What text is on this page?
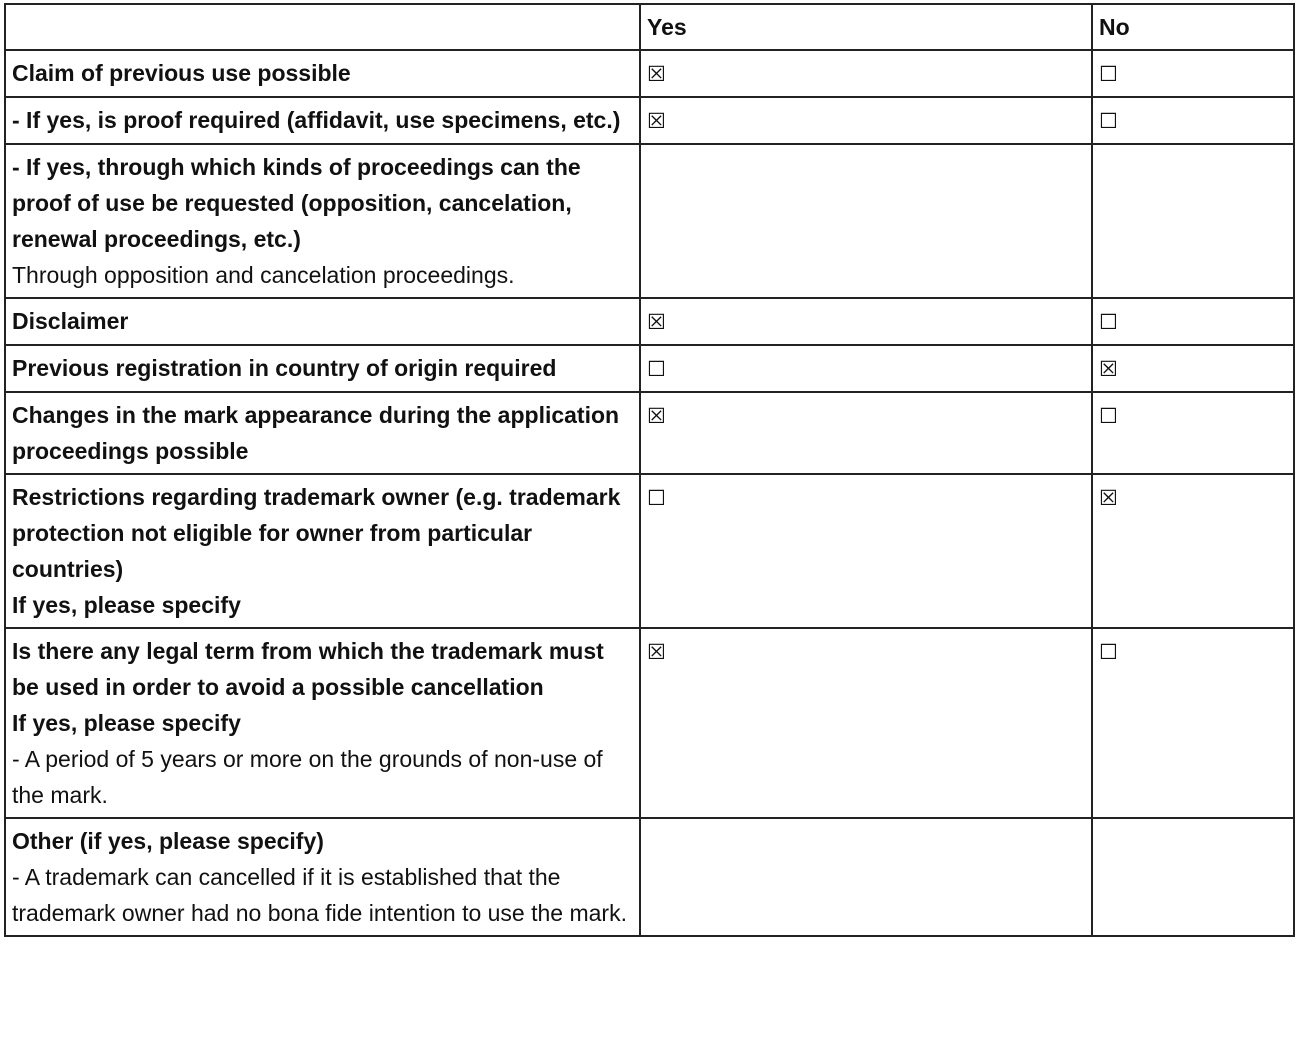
	Yes	No

Claim of previous use possible	☒	☐

- If yes, is proof required (affidavit, use specimens, etc.)	☒	☐

- If yes, through which kinds of proceedings can the proof of use be requested (opposition, cancelation, renewal proceedings, etc.)
Through opposition and cancelation proceedings.		

Disclaimer	☒	☐

Previous registration in country of origin required	☐	☒

Changes in the mark appearance during the application proceedings possible	☒	☐

Restrictions regarding trademark owner (e.g. trademark protection not eligible for owner from particular countries)
If yes, please specify	☐	☒

Is there any legal term from which the trademark must be used in order to avoid a possible cancellation
If yes, please specify
- A period of 5 years or more on the grounds of non-use of the mark.	☒	☐

Other (if yes, please specify)
- A trademark can cancelled if it is established that the trademark owner had no bona fide intention to use the mark.		
